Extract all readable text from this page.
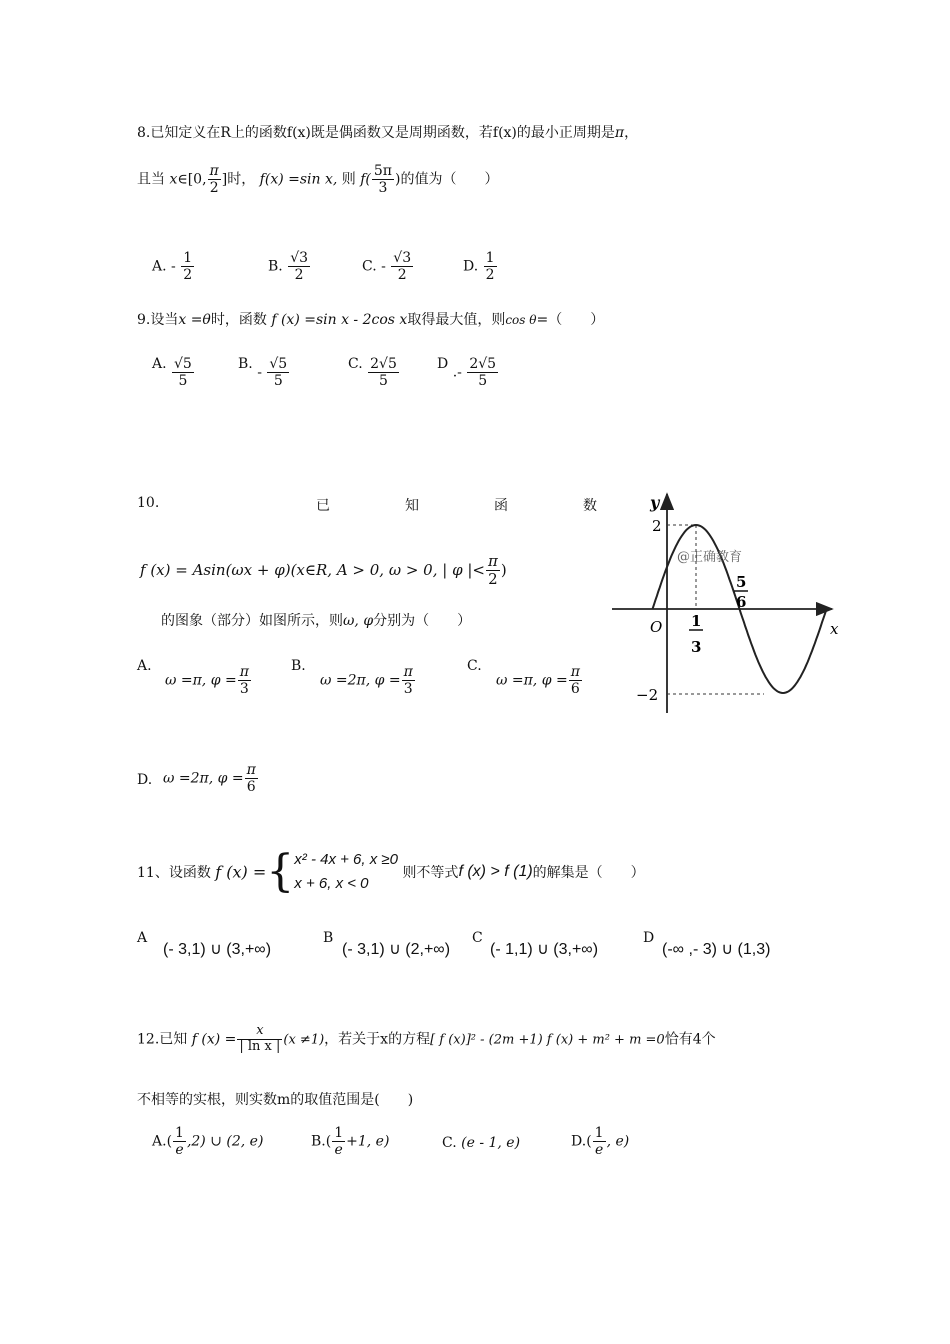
8.已知定义在R上的函数f(x)既是偶函数又是周期函数，若f(x)的最小正周期是π，
且当 x∈[0, $\frac{\pi}{2}$ ]时， f(x) =sin x, 则 $f( \frac{5\pi}{3}$ )的值为（　　）
A. - $\frac{1}{2}$	B. $\frac{√3}{2}$	C. - $\frac{√3}{2}$	D. $\frac{1}{2}$
9.设当x =θ时，函数 f (x) =sin x - 2cos x取得最大值，则cos θ=（　　）
A. $\frac{√5}{5}$	B. - $\frac{√5}{5}$	C. $\frac{2√5}{5}$	D .- $\frac{2√5}{5}$
10.	已	知	函	数
f (x) = Asin(ωx + φ)(x∈R, A > 0, ω > 0, | φ |< $\frac{\pi}{2}$ )
的图象（部分）如图所示，则ω, φ分别为（　　）
A.
ω =π, $\varphi = \frac{\pi}{3}$	B.
ω =2π, $\varphi = \frac{\pi}{3}$	C.
ω =π, $\varphi = \frac{\pi}{6}$
D. ω =2π, $\varphi = \frac{\pi}{6}$
y
x
O
2
−2
@正确教育
1
3
5
6
11、设函数 f (x) ={ x² - 4x + 6, x ≥0
x + 6, x < 0
则不等式f (x) > f (1)的解集是（　　）
A
(- 3,1) ∪ (3,+∞)
B
(- 3,1) ∪ (2,+∞)
C
(- 1,1) ∪ (3,+∞)
D
(-∞ ,- 3) ∪ (1,3)
12.已知 f $(x) = \frac{x}{\text{| ln x |}} (x \ne 1)$，若关于x的方程[ f (x)]² - (2m +1) f (x) + m² + m =0恰有4个
不相等的实根，则实数m的取值范围是(　　)
$A.( \frac{1}{e} ,2)$ ∪ (2, e)	$B.( \frac{1}{e} +1$, e)	C. (e - 1, e)	$D.( \frac{1}{e}$ , e)
